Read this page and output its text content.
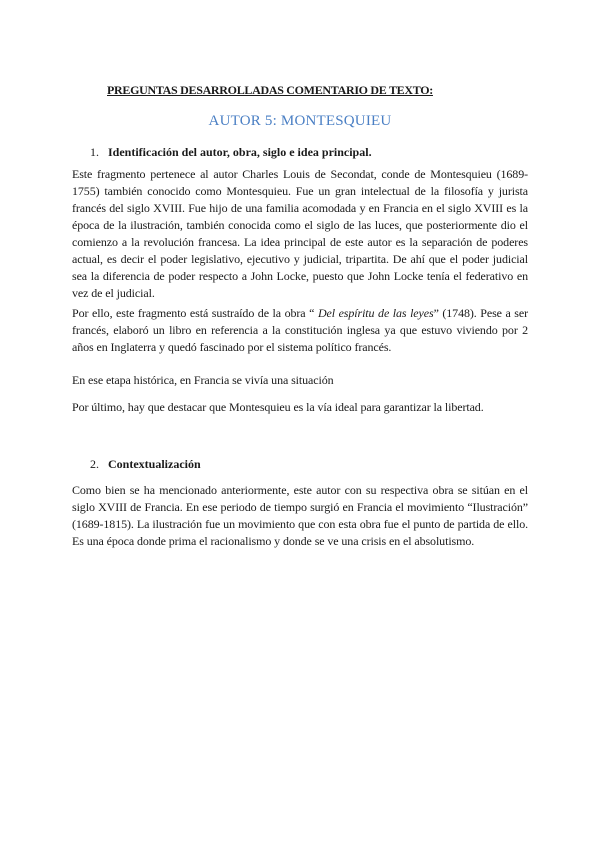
PREGUNTAS DESARROLLADAS COMENTARIO DE TEXTO:
AUTOR 5: MONTESQUIEU
1. Identificación del autor, obra, siglo e idea principal.

Este fragmento pertenece al autor Charles Louis de Secondat, conde de Montesquieu (1689-1755) también conocido como Montesquieu. Fue un gran intelectual de la filosofía y jurista francés del siglo XVIII. Fue hijo de una familia acomodada y en Francia en el siglo XVIII es la época de la ilustración, también conocida como el siglo de las luces, que posteriormente dio el comienzo a la revolución francesa. La idea principal de este autor es la separación de poderes actual, es decir el poder legislativo, ejecutivo y judicial, tripartita. De ahí que el poder judicial sea la diferencia de poder respecto a John Locke, puesto que John Locke tenía el federativo en vez de el judicial.

Por ello, este fragmento está sustraído de la obra “ Del espíritu de las leyes” (1748). Pese a ser francés, elaboró un libro en referencia a la constitución inglesa ya que estuvo viviendo por 2 años en Inglaterra y quedó fascinado por el sistema político francés.

En ese etapa histórica, en Francia se vivía una situación

Por último, hay que destacar que Montesquieu es la vía ideal para garantizar la libertad.

2. Contextualización

Como bien se ha mencionado anteriormente, este autor con su respectiva obra se sitúan en el siglo XVIII de Francia. En ese periodo de tiempo surgió en Francia el movimiento “Ilustración” (1689-1815). La ilustración fue un movimiento que con esta obra fue el punto de partida de ello. Es una época donde prima el racionalismo y donde se ve una crisis en el absolutismo.
